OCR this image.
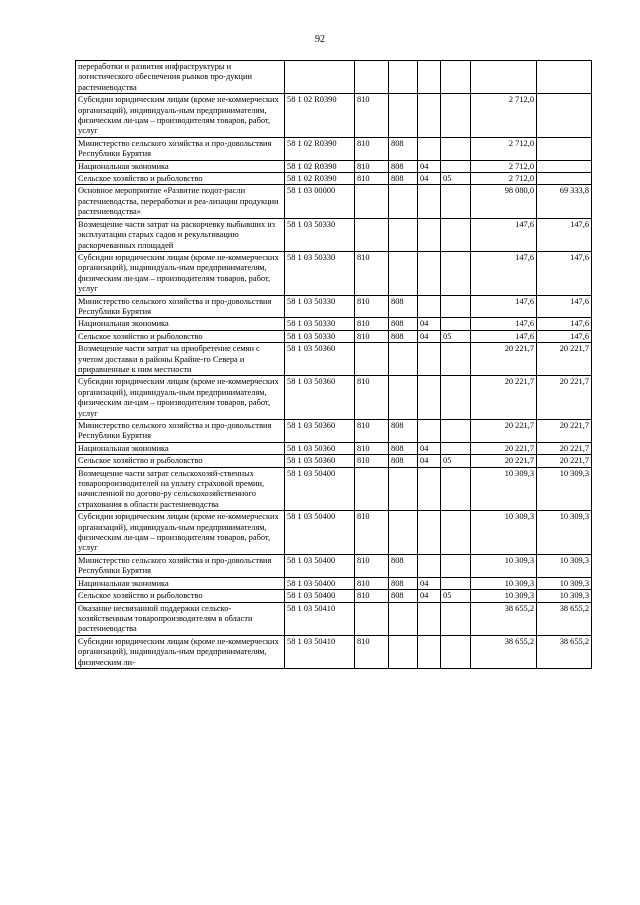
92
переработки и развития инфраструктуры и логистического обеспечения рынков про-дукции растениеводства							
Субсидии юридическим лицам (кроме не-коммерческих организаций), индивидуаль-ным предпринимателям, физическим ли-цам – производителям товаров, работ, услуг	58 1 02 R0390	810				2 712,0	
Министерство сельского хозяйства и про-довольствия Республики Бурятия	58 1 02 R0390	810	808			2 712,0	
Национальная экономика	58 1 02 R0390	810	808	04		2 712,0	
Сельское хозяйство и рыболовство	58 1 02 R0390	810	808	04	05	2 712,0	
Основное мероприятие «Развитие подот-расли растениеводства, переработки и реа-лизации продукции растениеводства»	58 1 03 00000					98 080,0	69 333,8
Возмещение части затрат на раскорчевку выбывших из эксплуатации старых садов и рекультивацию раскорчеванных площадей	58 1 03 50330					147,6	147,6
Субсидии юридическим лицам (кроме не-коммерческих организаций), индивидуаль-ным предпринимателям, физическим ли-цам – производителям товаров, работ, услуг	58 1 03 50330	810				147,6	147,6
Министерство сельского хозяйства и про-довольствия Республики Бурятия	58 1 03 50330	810	808			147,6	147,6
Национальная экономика	58 1 03 50330	810	808	04		147,6	147,6
Сельское хозяйство и рыболовство	58 1 03 50330	810	808	04	05	147,6	147,6
Возмещение части затрат на приобретение семян с учетом доставки в районы Крайне-го Севера и приравненные к ним местности	58 1 03 50360					20 221,7	20 221,7
Субсидии юридическим лицам (кроме не-коммерческих организаций), индивидуаль-ным предпринимателям, физическим ли-цам – производителям товаров, работ, услуг	58 1 03 50360	810				20 221,7	20 221,7
Министерство сельского хозяйства и про-довольствия Республики Бурятия	58 1 03 50360	810	808			20 221,7	20 221,7
Национальная экономика	58 1 03 50360	810	808	04		20 221,7	20 221,7
Сельское хозяйство и рыболовство	58 1 03 50360	810	808	04	05	20 221,7	20 221,7
Возмещение части затрат сельскохозяй-ственных товаропроизводителей на уплату страховой премии, начисленной по догово-ру сельскохозяйственного страхования в области растениеводства	58 1 03 50400					10 309,3	10 309,3
Субсидии юридическим лицам (кроме не-коммерческих организаций), индивидуаль-ным предпринимателям, физическим ли-цам – производителям товаров, работ, услуг	58 1 03 50400	810				10 309,3	10 309,3
Министерство сельского хозяйства и про-довольствия Республики Бурятия	58 1 03 50400	810	808			10 309,3	10 309,3
Национальная экономика	58 1 03 50400	810	808	04		10 309,3	10 309,3
Сельское хозяйство и рыболовство	58 1 03 50400	810	808	04	05	10 309,3	10 309,3
Оказание несвязанной поддержки сельско-хозяйственным товаропроизводителям в области растениеводства	58 1 03 50410					38 655,2	38 655,2
Субсидии юридическим лицам (кроме не-коммерческих организаций), индивидуаль-ным предпринимателям, физическим ли-	58 1 03 50410	810				38 655,2	38 655,2
